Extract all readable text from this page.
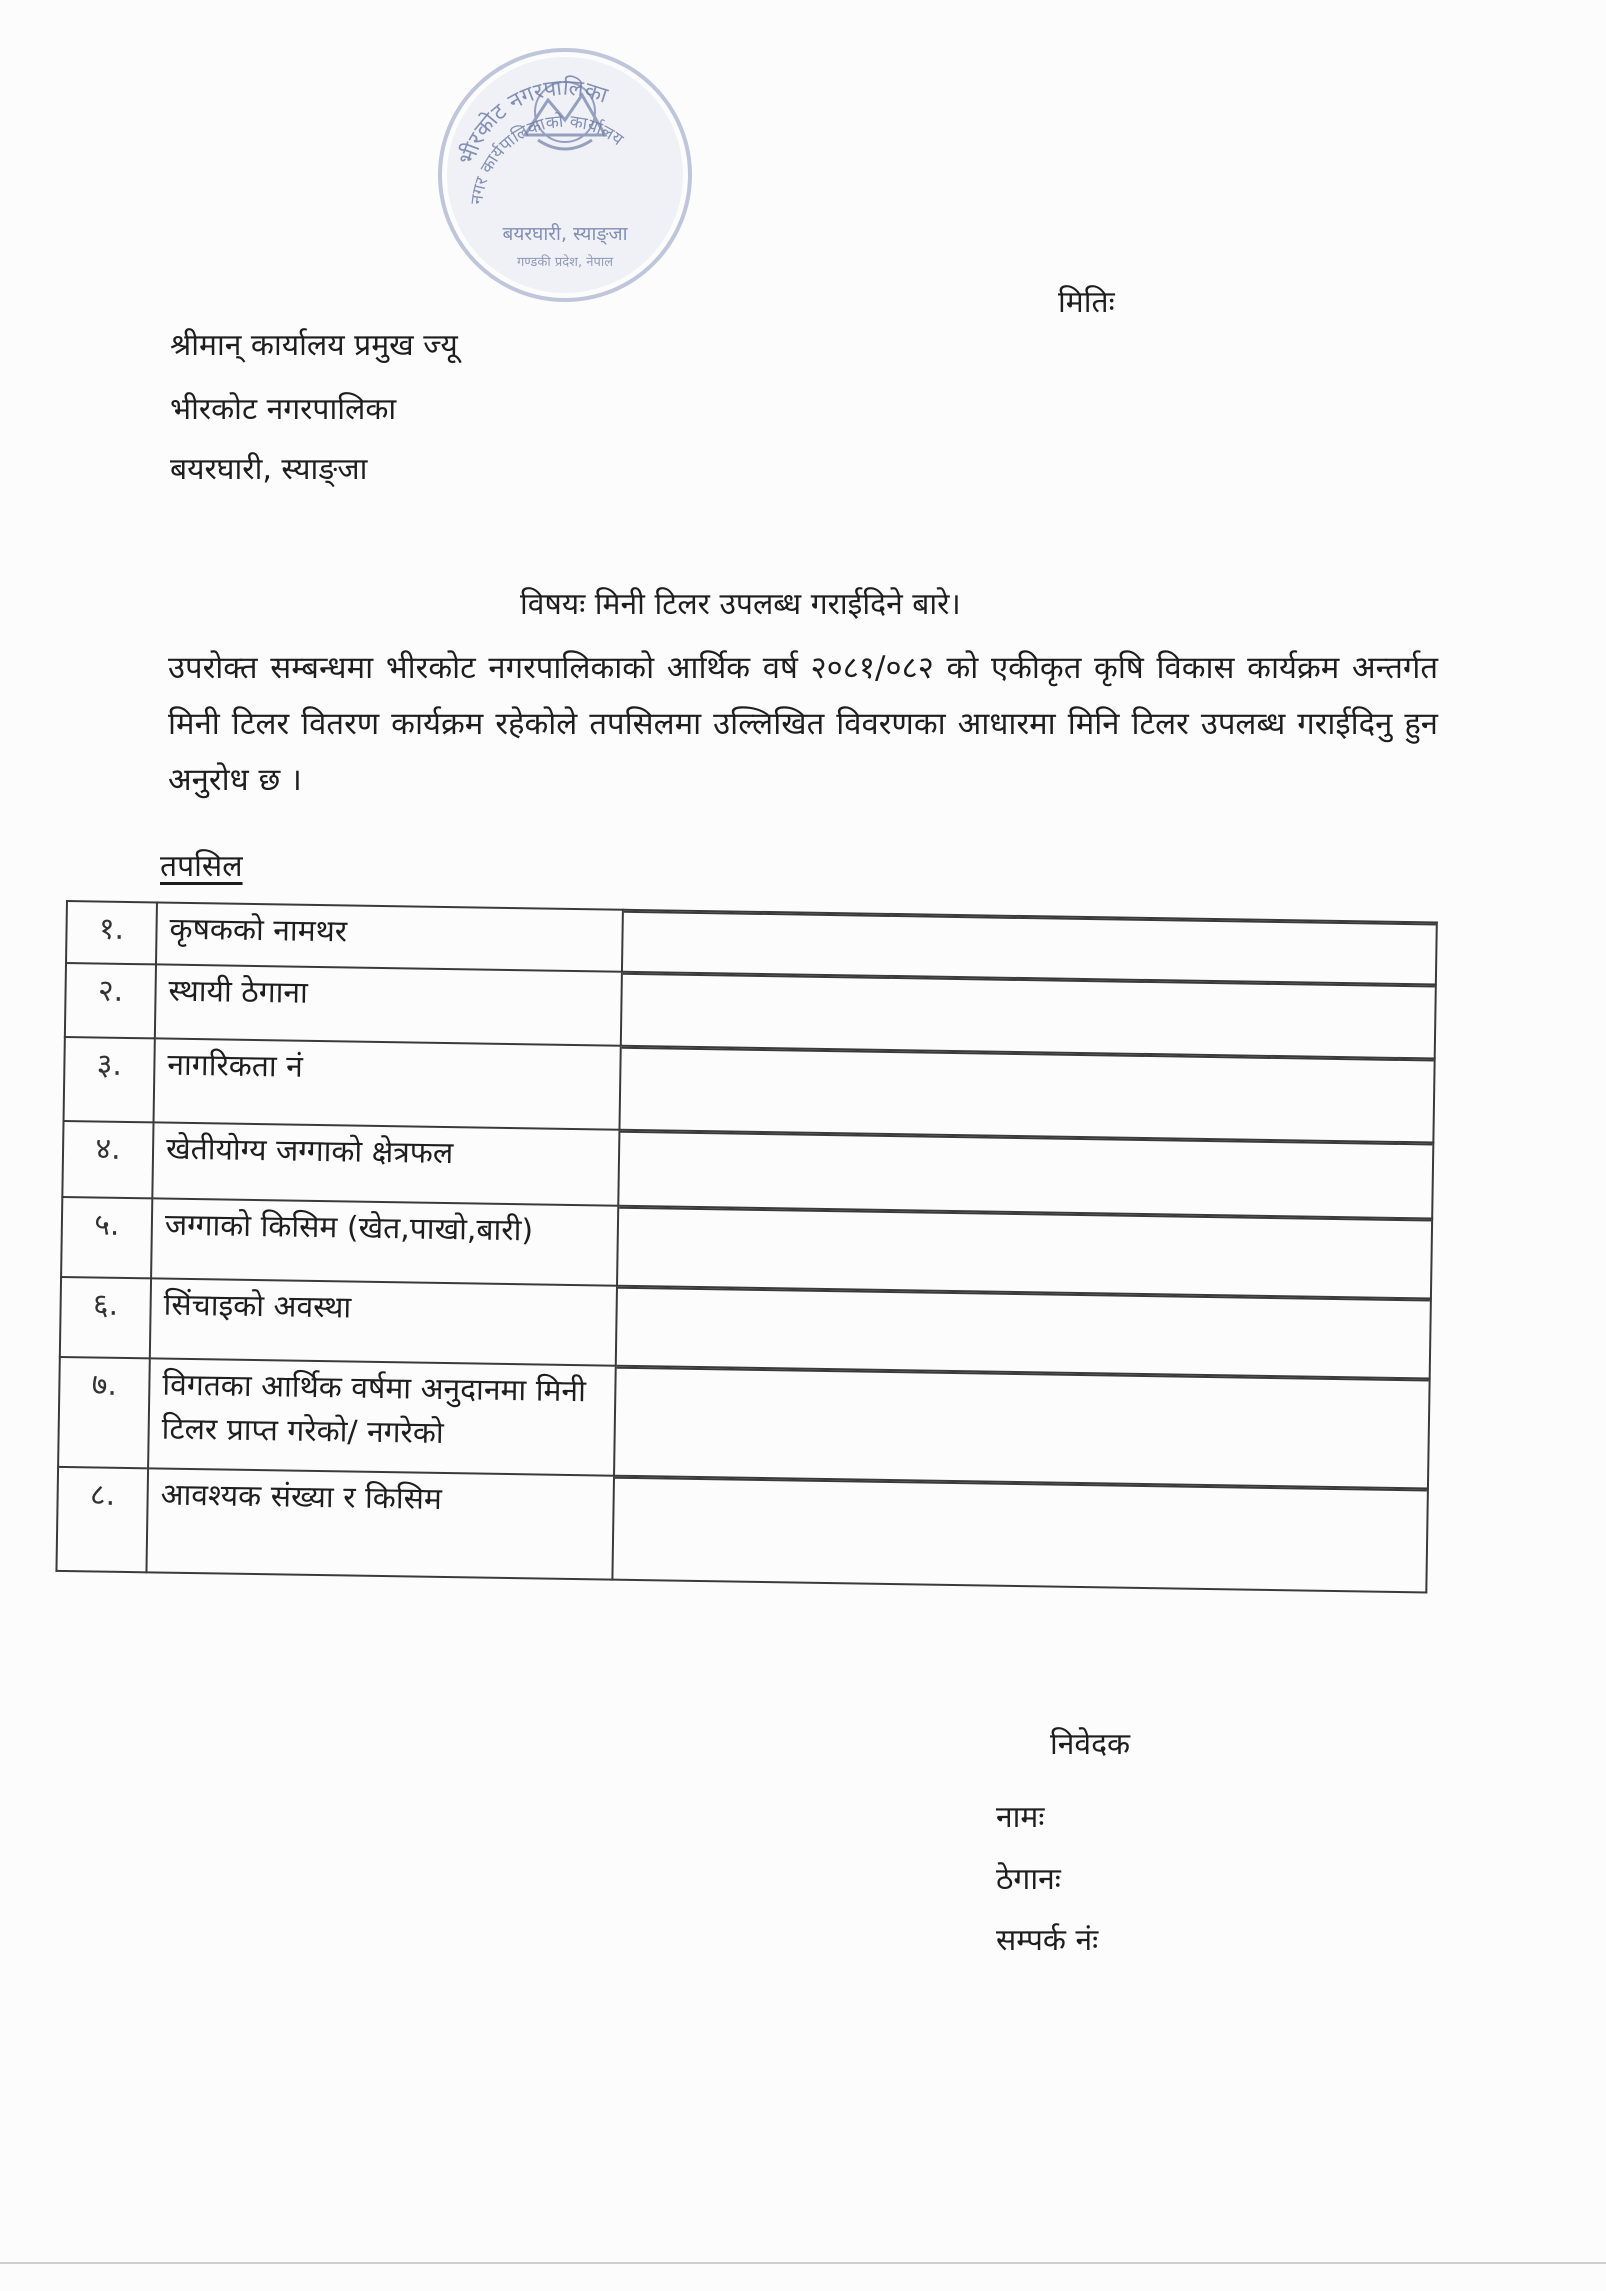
भीरकोट नगरपालिका
नगर कार्यपालिकाको कार्यालय
बयरघारी, स्याङ्जा
गण्डकी प्रदेश, नेपाल
मितिः
श्रीमान् कार्यालय प्रमुख ज्यू
भीरकोट नगरपालिका
बयरघारी, स्याङ्जा
विषयः मिनी टिलर उपलब्ध गराईदिने बारे।
उपरोक्त सम्बन्धमा भीरकोट नगरपालिकाको आर्थिक वर्ष २०८१/०८२ को एकीकृत कृषि विकास कार्यक्रम अन्तर्गत मिनी टिलर वितरण कार्यक्रम रहेकोले तपसिलमा उल्लिखित विवरणका आधारमा मिनि टिलर उपलब्ध गराईदिनु हुन अनुरोध छ ।
तपसिल
१.	कृषकको नामथर	

२.	स्थायी ठेगाना	

३.	नागरिकता नं	

४.	खेतीयोग्य जग्गाको क्षेत्रफल	

५.	जग्गाको किसिम (खेत,पाखो,बारी)	

६.	सिंचाइको अवस्था	

७.	विगतका आर्थिक वर्षमा अनुदानमा मिनी टिलर प्राप्त गरेको/ नगरेको	

८.	आवश्यक संख्या र किसिम	
निवेदक
नामः
ठेगानः
सम्पर्क नंः
